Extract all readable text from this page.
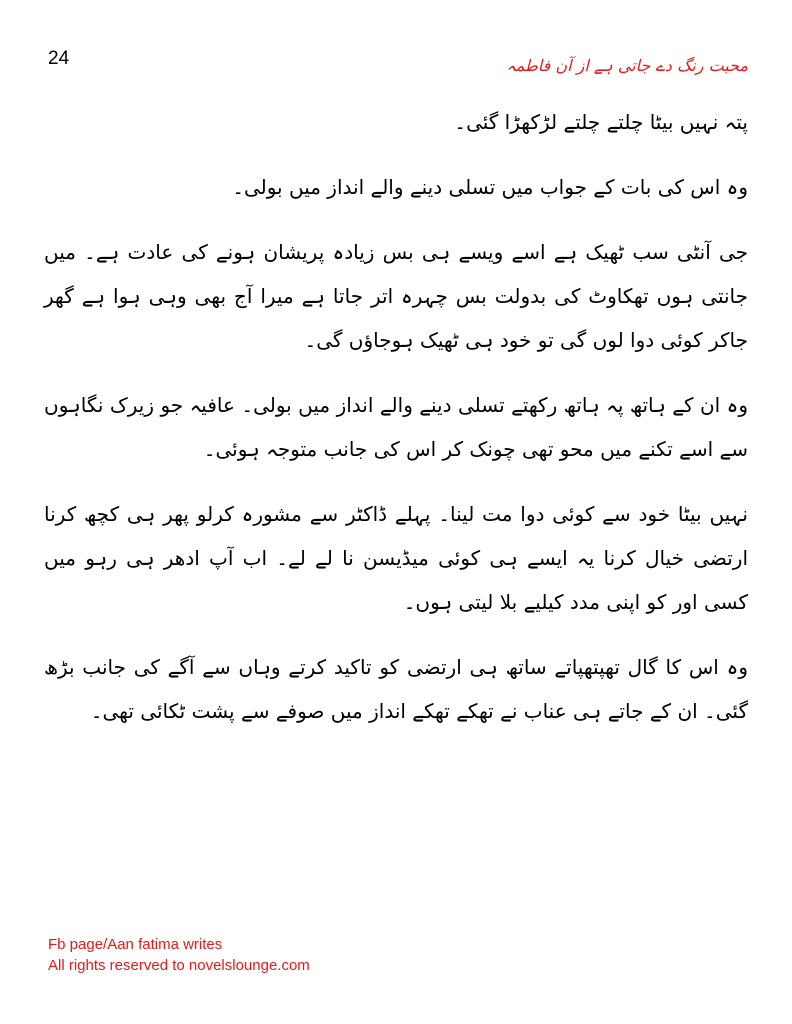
24	محبت رنگ دے جاتی ہے از آن فاطمہ

پتہ نہیں بیٹا چلتے چلتے لڑکھڑا گئی۔

وہ اس کی بات کے جواب میں تسلی دینے والے انداز میں بولی۔

جی آنٹی سب ٹھیک ہے اسے ویسے ہی بس زیادہ پریشان ہونے کی عادت ہے۔ میں جانتی ہوں تھکاوٹ کی بدولت بس چہرہ اتر جاتا ہے میرا آج بھی وہی ہوا ہے گھر جاکر کوئی دوا لوں گی تو خود ہی ٹھیک ہوجاؤں گی۔

وہ ان کے ہاتھ پہ ہاتھ رکھتے تسلی دینے والے انداز میں بولی۔ عافیہ جو زیرک نگاہوں سے اسے تکنے میں محو تھی چونک کر اس کی جانب متوجہ ہوئی۔

نہیں بیٹا خود سے کوئی دوا مت لینا۔ پہلے ڈاکٹر سے مشورہ کرلو پھر ہی کچھ کرنا ارتضی خیال کرنا یہ ایسے ہی کوئی میڈیسن نا لے لے۔ اب آپ ادھر ہی رہو میں کسی اور کو اپنی مدد کیلیے بلا لیتی ہوں۔

وہ اس کا گال تھپتھپاتے ساتھ ہی ارتضی کو تاکید کرتے وہاں سے آگے کی جانب بڑھ گئی۔ ان کے جاتے ہی عناب نے تھکے تھکے انداز میں صوفے سے پشت ٹکائی تھی۔

Fb page/Aan fatima writes
All rights reserved to novelslounge.com
